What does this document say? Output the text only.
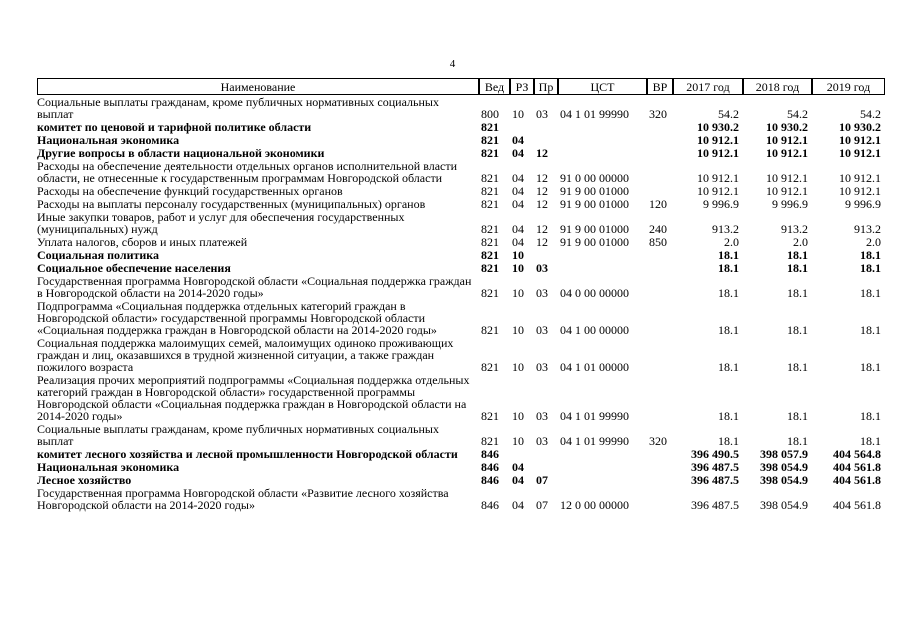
4
Наименование	Вед	РЗ	Пр	ЦСТ	ВР	2017 год	2018 год	2019 год
Социальные выплаты гражданам, кроме публичных нормативных социальных выплат	800	10	03	04 1 01 99990	320	54.2	54.2	54.2
комитет по ценовой и тарифной политике области	821					10 930.2	10 930.2	10 930.2
Национальная экономика	821	04				10 912.1	10 912.1	10 912.1
Другие вопросы в области национальной экономики	821	04	12			10 912.1	10 912.1	10 912.1
Расходы на обеспечение деятельности отдельных органов исполнительной власти области, не отнесенные к государственным программам Новгородской области	821	04	12	91 0 00 00000		10 912.1	10 912.1	10 912.1
Расходы на обеспечение функций государственных органов	821	04	12	91 9 00 01000		10 912.1	10 912.1	10 912.1
Расходы на выплаты персоналу государственных (муниципальных) органов	821	04	12	91 9 00 01000	120	9 996.9	9 996.9	9 996.9
Иные закупки товаров, работ и услуг для обеспечения государственных (муниципальных) нужд	821	04	12	91 9 00 01000	240	913.2	913.2	913.2
Уплата налогов, сборов и иных платежей	821	04	12	91 9 00 01000	850	2.0	2.0	2.0
Социальная политика	821	10				18.1	18.1	18.1
Социальное обеспечение населения	821	10	03			18.1	18.1	18.1
Государственная программа Новгородской области «Социальная поддержка граждан в Новгородской области на 2014-2020 годы»	821	10	03	04 0 00 00000		18.1	18.1	18.1
Подпрограмма «Социальная поддержка отдельных категорий граждан в Новгородской области» государственной программы Новгородской области «Социальная поддержка граждан в Новгородской области на 2014-2020 годы»	821	10	03	04 1 00 00000		18.1	18.1	18.1
Социальная поддержка малоимущих семей, малоимущих одиноко проживающих граждан и лиц, оказавшихся в трудной жизненной ситуации, а также граждан пожилого возраста	821	10	03	04 1 01 00000		18.1	18.1	18.1
Реализация прочих мероприятий подпрограммы «Социальная поддержка отдельных категорий граждан в Новгородской области» государственной программы Новгородской области «Социальная поддержка граждан в Новгородской области на 2014-2020 годы»	821	10	03	04 1 01 99990		18.1	18.1	18.1
Социальные выплаты гражданам, кроме публичных нормативных социальных выплат	821	10	03	04 1 01 99990	320	18.1	18.1	18.1
комитет лесного хозяйства и лесной промышленности Новгородской области	846					396 490.5	398 057.9	404 564.8
Национальная экономика	846	04				396 487.5	398 054.9	404 561.8
Лесное хозяйство	846	04	07			396 487.5	398 054.9	404 561.8
Государственная программа Новгородской области «Развитие лесного хозяйства Новгородской области на 2014-2020 годы»	846	04	07	12 0 00 00000		396 487.5	398 054.9	404 561.8
